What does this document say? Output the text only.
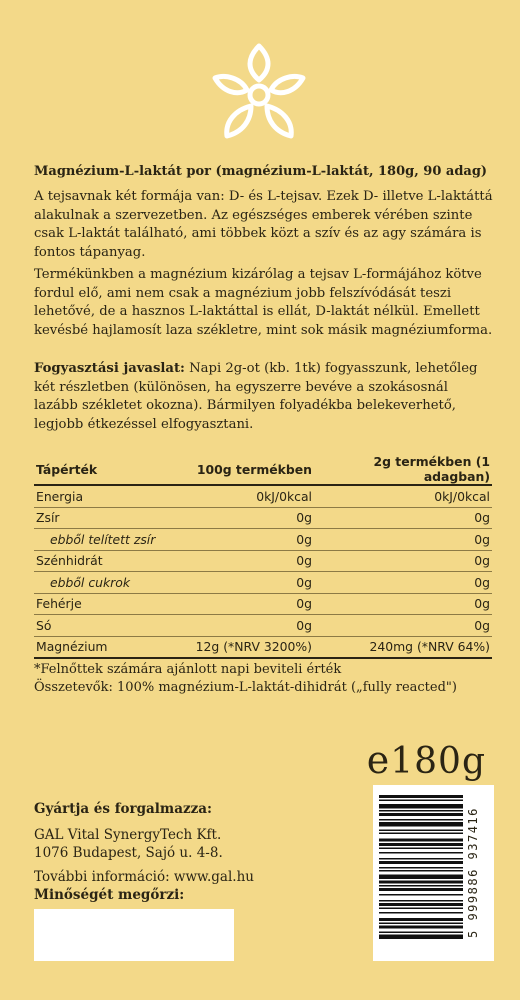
Magnézium-L-laktát por (magnézium-L-laktát, 180g, 90 adag)

A tejsavnak két formája van: D- és L-tejsav. Ezek D- illetve L-laktáttá alakulnak a szervezetben. Az egészséges emberek vérében szinte csak L-laktát található, ami többek közt a szív és az agy számára is fontos tápanyag.

Termékünkben a magnézium kizárólag a tejsav L-formájához kötve fordul elő, ami nem csak a magnézium jobb felszívódását teszi lehetővé, de a hasznos L-laktáttal is ellát, D-laktát nélkül. Emellett kevésbé hajlamosít laza székletre, mint sok másik magnéziumforma.

Fogyasztási javaslat: Napi 2g-ot (kb. 1tk) fogyasszunk, lehetőleg két részletben (különösen, ha egyszerre bevéve a szokásosnál lazább székletet okozna). Bármilyen folyadékba belekeverhető, legjobb étkezéssel elfogyasztani.

Tápérték	100g termékben	2g termékben (1 adagban)
Energia	0kJ/0kcal	0kJ/0kcal
Zsír	0g	0g
ebből telített zsír	0g	0g
Szénhidrát	0g	0g
ebből cukrok	0g	0g
Fehérje	0g	0g
Só	0g	0g
Magnézium	12g (*NRV 3200%)	240mg (*NRV 64%)
*Felnőttek számára ajánlott napi beviteli érték
Összetevők: 100% magnézium-L-laktát-dihidrát („fully reacted")
e180g
Gyártja és forgalmazza:
GAL Vital SynergyTech Kft.
1076 Budapest, Sajó u. 4-8.
További információ: www.gal.hu
Minőségét megőrzi:	5 999886 937416
